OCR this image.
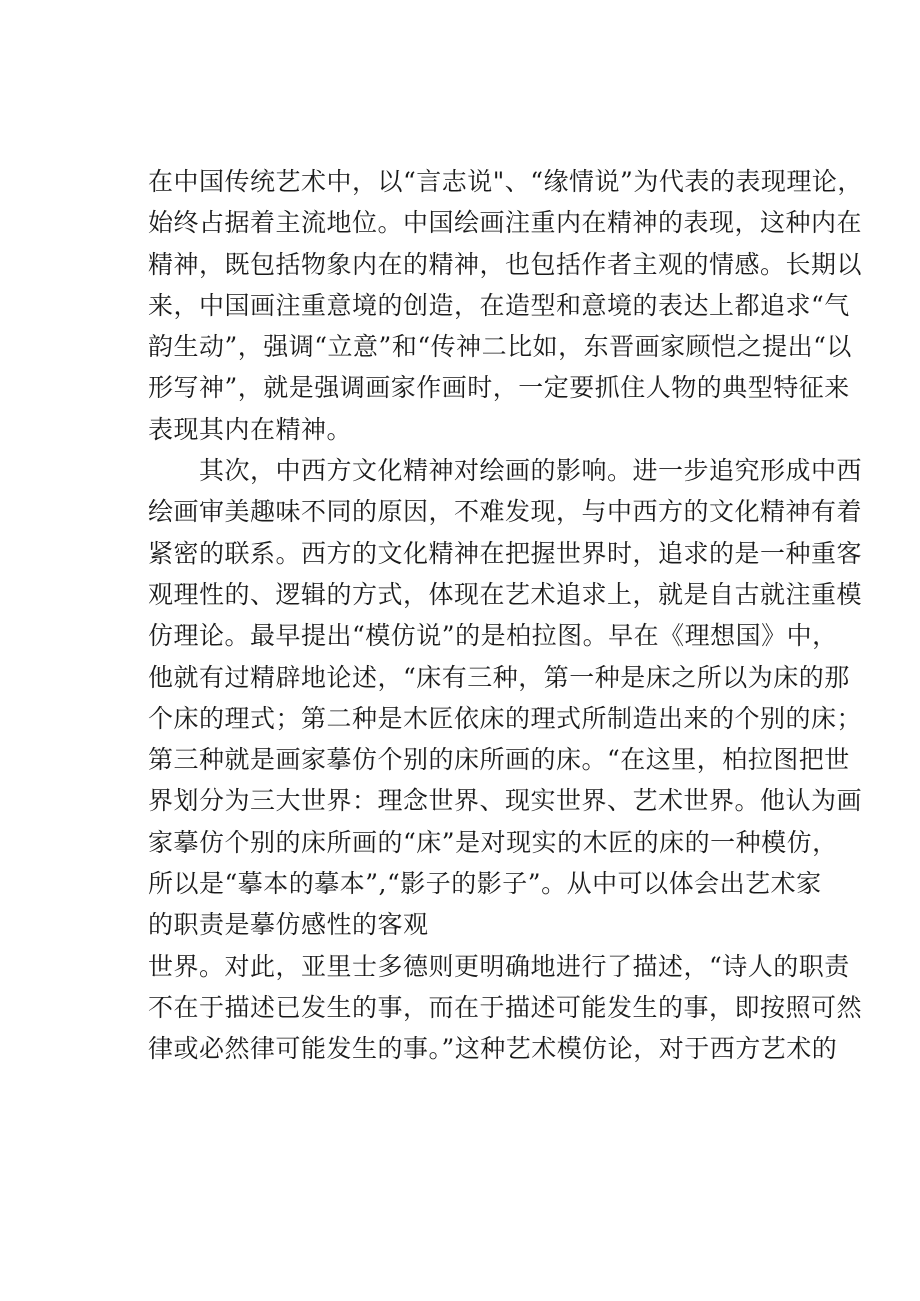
在中国传统艺术中，以“言志说"、“缘情说”为代表的表现理论，
始终占据着主流地位。中国绘画注重内在精神的表现，这种内在
精神，既包括物象内在的精神，也包括作者主观的情感。长期以
来，中国画注重意境的创造，在造型和意境的表达上都追求“气
韵生动”，强调“立意”和“传神二比如，东晋画家顾恺之提出“以
形写神”，就是强调画家作画时，一定要抓住人物的典型特征来
表现其内在精神。
　　其次，中西方文化精神对绘画的影响。进一步追究形成中西
绘画审美趣味不同的原因，不难发现，与中西方的文化精神有着
紧密的联系。西方的文化精神在把握世界时，追求的是一种重客
观理性的、逻辑的方式，体现在艺术追求上，就是自古就注重模
仿理论。最早提出“模仿说”的是柏拉图。早在《理想国》中，
他就有过精辟地论述，“床有三种，第一种是床之所以为床的那
个床的理式；第二种是木匠依床的理式所制造出来的个别的床；
第三种就是画家摹仿个别的床所画的床。“在这里，柏拉图把世
界划分为三大世界：理念世界、现实世界、艺术世界。他认为画
家摹仿个别的床所画的“床”是对现实的木匠的床的一种模仿，
所以是“摹本的摹本”,“影子的影子”。从中可以体会出艺术家
的职责是摹仿感性的客观
世界。对此，亚里士多德则更明确地进行了描述，“诗人的职责
不在于描述已发生的事，而在于描述可能发生的事，即按照可然
律或必然律可能发生的事。”这种艺术模仿论，对于西方艺术的
